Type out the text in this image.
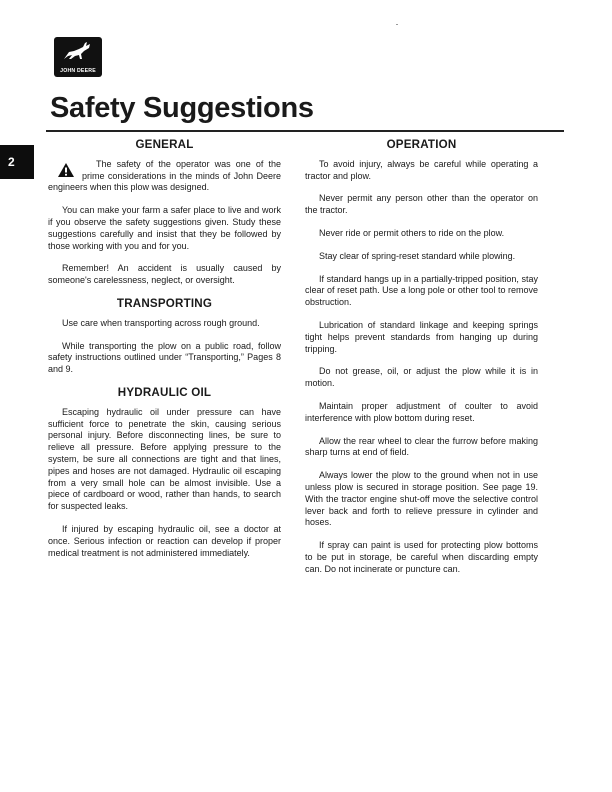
JOHN DEERE
Safety Suggestions
2
GENERAL

The safety of the operator was one of the prime considerations in the minds of John Deere engineers when this plow was designed.

You can make your farm a safer place to live and work if you observe the safety suggestions given. Study these suggestions carefully and insist that they be followed by those working with you and for you.

Remember! An accident is usually caused by someone's carelessness, neglect, or oversight.

TRANSPORTING

Use care when transporting across rough ground.

While transporting the plow on a public road, follow safety instructions outlined under “Transporting,” Pages 8 and 9.

HYDRAULIC OIL

Escaping hydraulic oil under pressure can have sufficient force to penetrate the skin, causing serious personal injury. Before disconnecting lines, be sure to relieve all pressure. Before applying pressure to the system, be sure all connections are tight and that lines, pipes and hoses are not damaged. Hydraulic oil escaping from a very small hole can be almost invisible. Use a piece of cardboard or wood, rather than hands, to search for suspected leaks.

If injured by escaping hydraulic oil, see a doctor at once. Serious infection or reaction can develop if proper medical treatment is not administered immediately.

OPERATION

To avoid injury, always be careful while operating a tractor and plow.

Never permit any person other than the operator on the tractor.

Never ride or permit others to ride on the plow.

Stay clear of spring-reset standard while plowing.

If standard hangs up in a partially-tripped position, stay clear of reset path. Use a long pole or other tool to remove obstruction.

Lubrication of standard linkage and keeping springs tight helps prevent standards from hanging up during tripping.

Do not grease, oil, or adjust the plow while it is in motion.

Maintain proper adjustment of coulter to avoid interference with plow bottom during reset.

Allow the rear wheel to clear the furrow before making sharp turns at end of field.

Always lower the plow to the ground when not in use unless plow is secured in storage position. See page 19. With the tractor engine shut-off move the selective control lever back and forth to relieve pressure in cylinder and hoses.

If spray can paint is used for protecting plow bottoms to be put in storage, be careful when discarding empty can. Do not incinerate or puncture can.
